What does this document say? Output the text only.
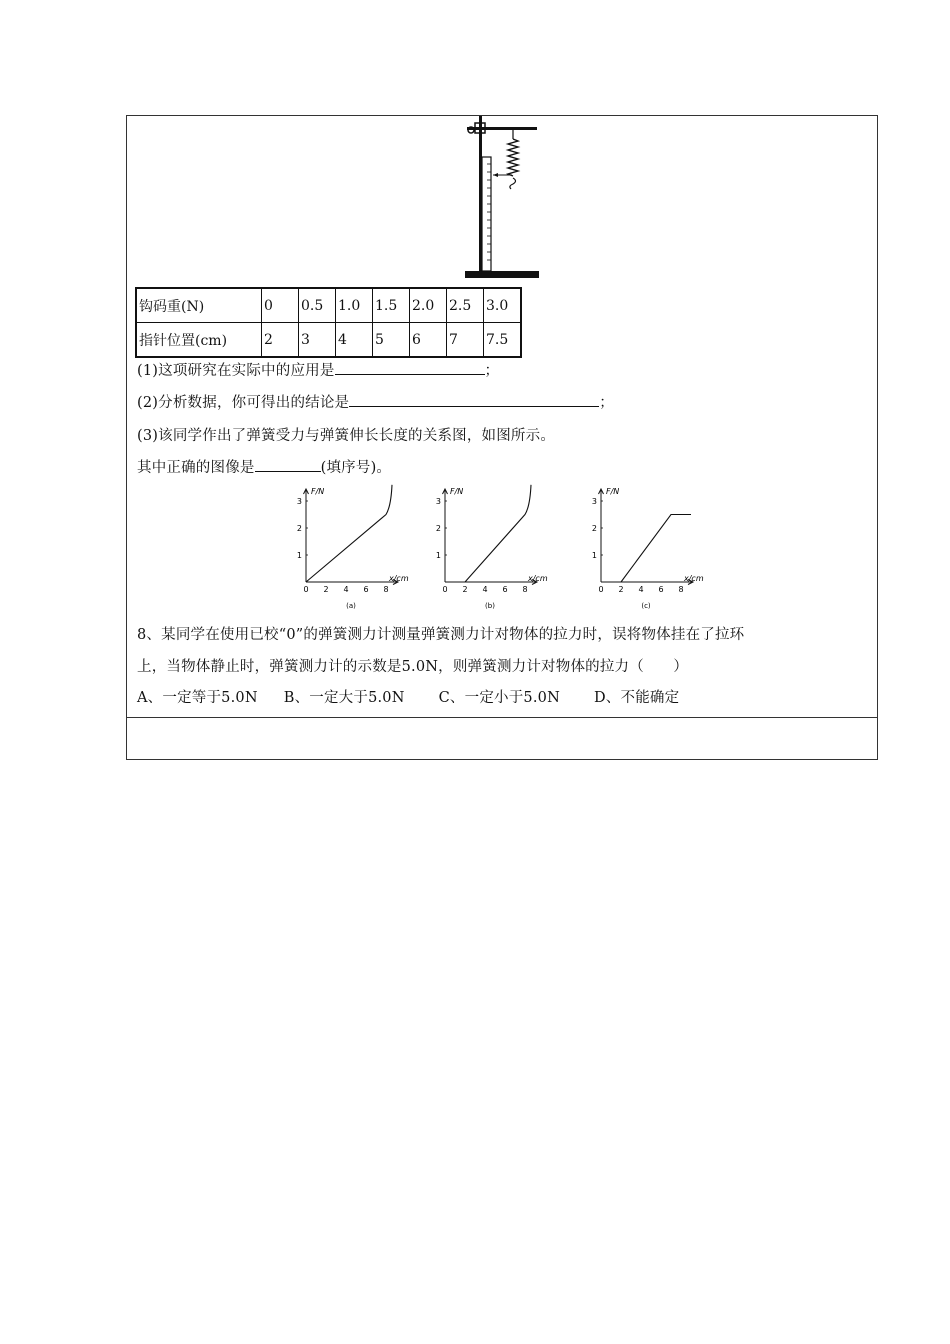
钩码重(N)	0	0.5	1.0	1.5	2.0	2.5	3.0
指针位置(cm)	2	3	4	5	6	7	7.5
(1)这项研究在实际中的应用是	；
(2)分析数据，你可得出的结论是	；
(3)该同学作出了弹簧受力与弹簧伸长长度的关系图，如图所示。
其中正确的图像是	(填序号)。
F/N
x/cm
0 2 4 6 8
1
2
3
(a)
F/N
x/cm
0 2 4 6 8
1
2
3
(b)
F/N
x/cm
0 2 4 6 8
1
2
3
(c)
8、某同学在使用已校“0”的弹簧测力计测量弹簧测力计对物体的拉力时，误将物体挂在了拉环
上，当物体静止时，弹簧测力计的示数是5.0N，则弹簧测力计对物体的拉力（　　）
A、一定等于5.0N B、一定大于5.0N C、一定小于5.0N D、不能确定
